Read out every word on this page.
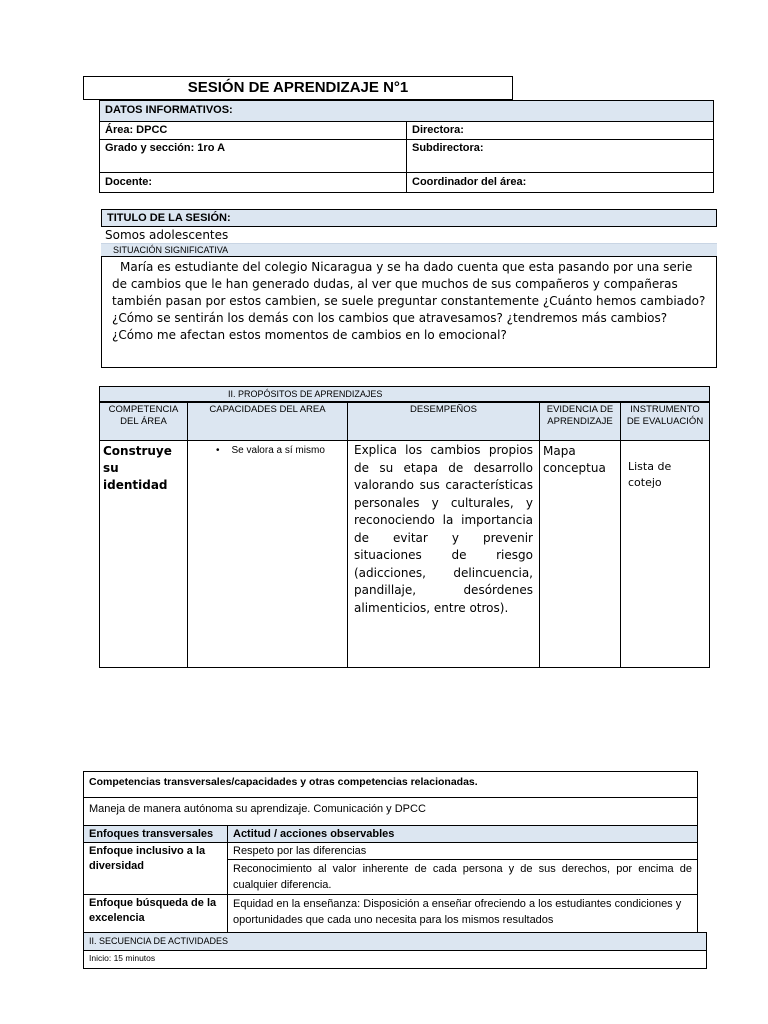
SESIÓN DE APRENDIZAJE N°1
DATOS INFORMATIVOS:	
Área: DPCC	Directora:
Grado y sección: 1ro A	Subdirectora:
Docente:	Coordinador del área:
TITULO DE LA SESIÓN:
Somos adolescentes
SITUACIÓN SIGNIFICATIVA
María es estudiante del colegio Nicaragua y se ha dado cuenta que esta pasando por una serie de cambios que le han generado dudas, al ver que muchos de sus compañeros y compañeras también pasan por estos cambien, se suele preguntar constantemente ¿Cuánto hemos cambiado? ¿Cómo se sentirán los demás con los cambios que atravesamos? ¿tendremos más cambios? ¿Cómo me afectan estos momentos de cambios en lo emocional?
II. PROPÓSITOS DE APRENDIZAJES
COMPETENCIA DEL ÁREA	CAPACIDADES DEL AREA	DESEMPEÑOS	EVIDENCIA DE APRENDIZAJE	INSTRUMENTO DE EVALUACIÓN
Construye su identidad	• Se valora a sí mismo	Explica los cambios propios de su etapa de desarrollo valorando sus características personales y culturales, y reconociendo la importancia de evitar y prevenir situaciones de riesgo (adicciones, delincuencia, pandillaje, desórdenes alimenticios, entre otros).	Mapa conceptua	Lista de cotejo
Competencias transversales/capacidades y otras competencias relacionadas.	
Maneja de manera autónoma su aprendizaje. Comunicación y DPCC	
Enfoques transversales	Actitud / acciones observables
Enfoque inclusivo a la diversidad	Respeto por las diferencias
	Reconocimiento al valor inherente de cada persona y de sus derechos, por encima de cualquier diferencia.
Enfoque búsqueda de la excelencia	Equidad en la enseñanza: Disposición a enseñar ofreciendo a los estudiantes condiciones y oportunidades que cada uno necesita para los mismos resultados
II. SECUENCIA DE ACTIVIDADES
Inicio: 15 minutos
